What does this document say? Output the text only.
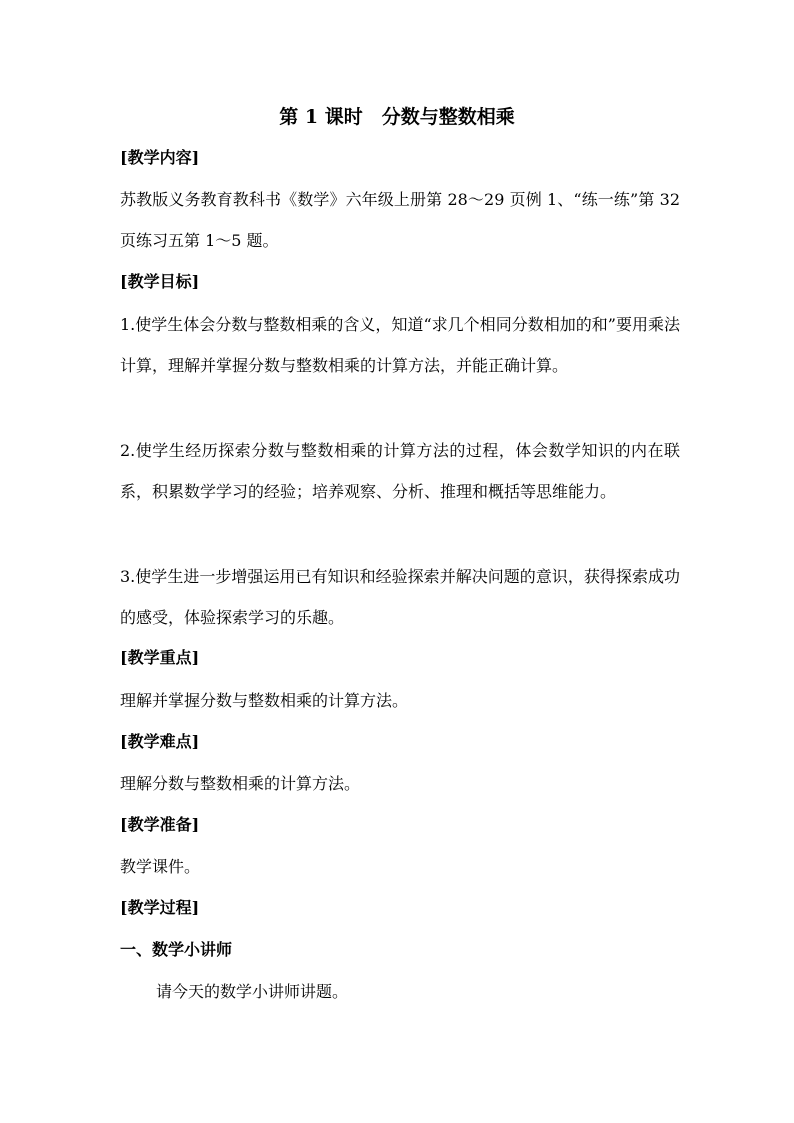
第 1 课时　分数与整数相乘
[教学内容]
苏教版义务教育教科书《数学》六年级上册第 28～29 页例 1、“练一练”第 32 页练习五第 1～5 题。
[教学目标]
1.使学生体会分数与整数相乘的含义，知道“求几个相同分数相加的和”要用乘法计算，理解并掌握分数与整数相乘的计算方法，并能正确计算。
2.使学生经历探索分数与整数相乘的计算方法的过程，体会数学知识的内在联系，积累数学学习的经验；培养观察、分析、推理和概括等思维能力。
3.使学生进一步增强运用已有知识和经验探索并解决问题的意识，获得探索成功的感受，体验探索学习的乐趣。
[教学重点]
理解并掌握分数与整数相乘的计算方法。
[教学难点]
理解分数与整数相乘的计算方法。
[教学准备]
教学课件。
[教学过程]
一、数学小讲师
请今天的数学小讲师讲题。
